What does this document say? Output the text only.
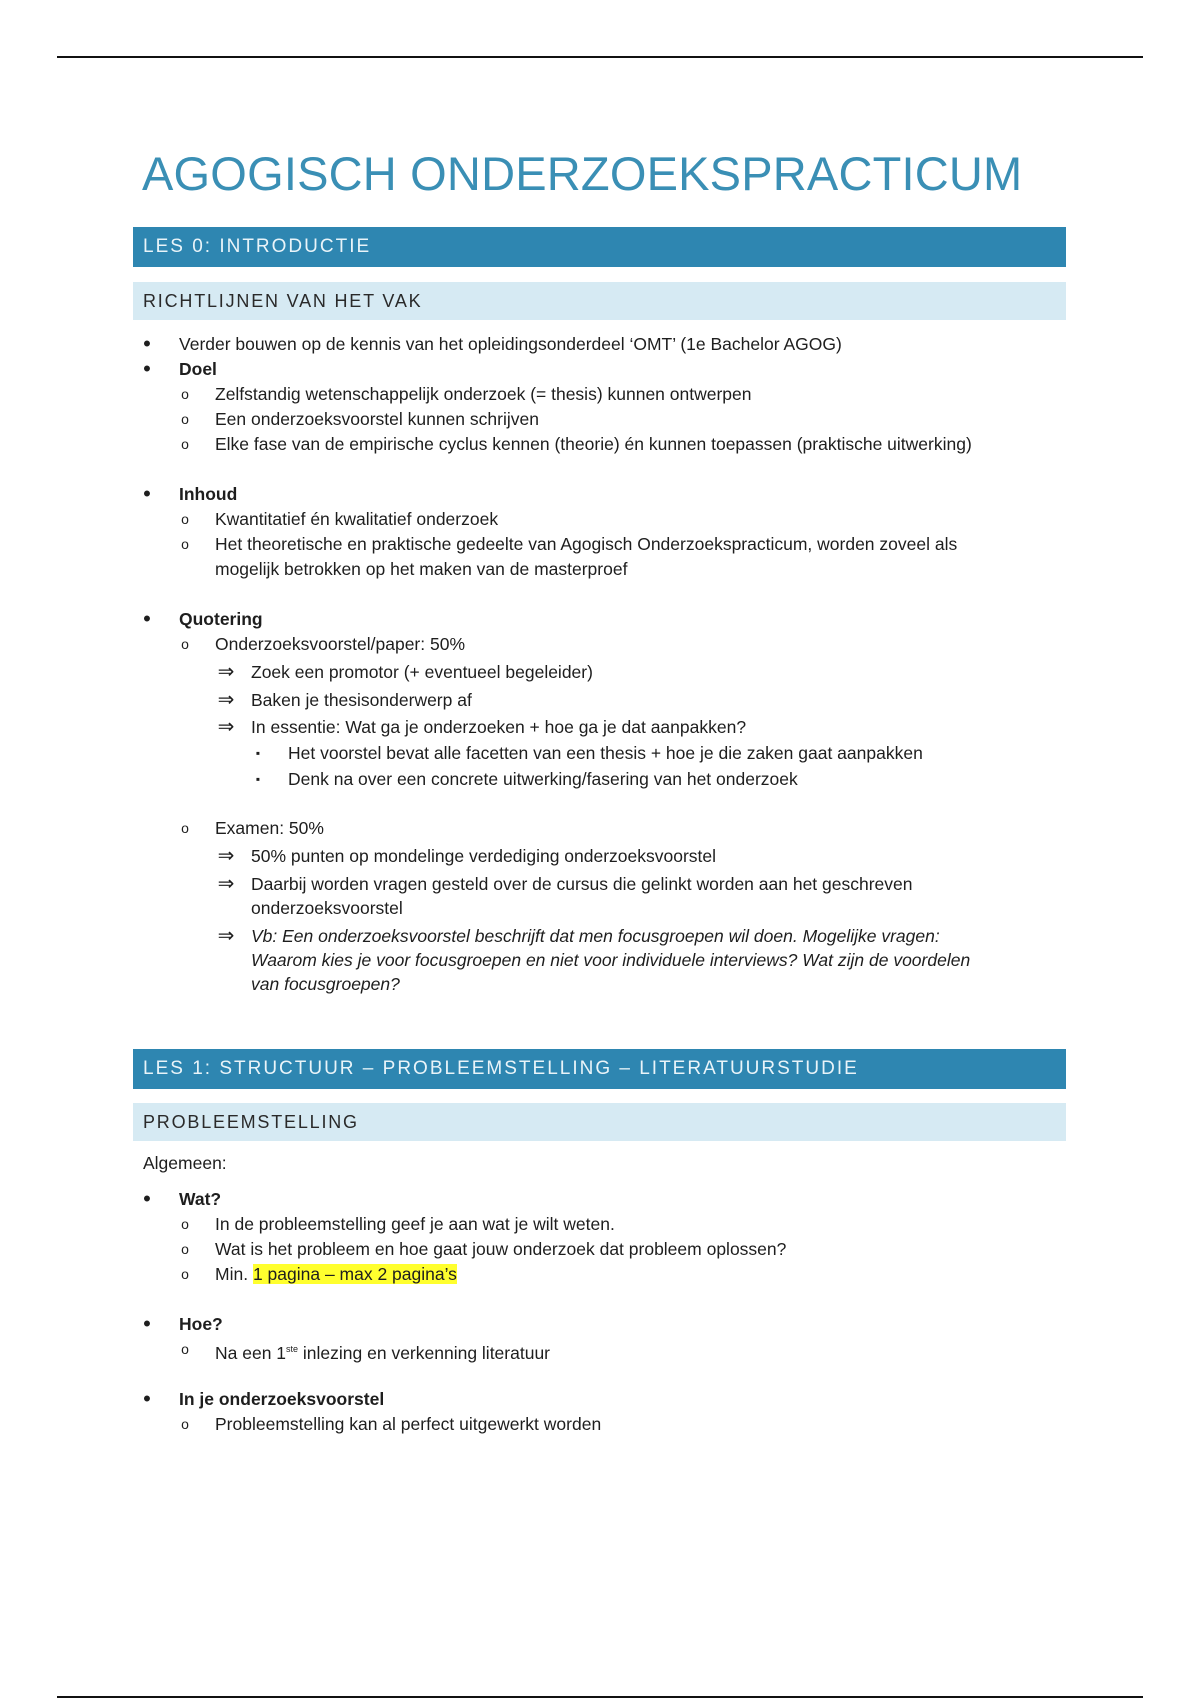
AGOGISCH ONDERZOEKSPRACTICUM
LES 0: INTRODUCTIE
RICHTLIJNEN VAN HET VAK
•	Verder bouwen op de kennis van het opleidingsonderdeel ‘OMT’ (1e Bachelor AGOG)
•	Doel
o	Zelfstandig wetenschappelijk onderzoek (= thesis) kunnen ontwerpen
o	Een onderzoeksvoorstel kunnen schrijven
o	Elke fase van de empirische cyclus kennen (theorie) én kunnen toepassen (praktische uitwerking)
•	Inhoud
o	Kwantitatief én kwalitatief onderzoek
o	Het theoretische en praktische gedeelte van Agogisch Onderzoekspracticum, worden zoveel als
mogelijk betrokken op het maken van de masterproef
•	Quotering
o	Onderzoeksvoorstel/paper: 50%
⇒ Zoek een promotor (+ eventueel begeleider)
⇒ Baken je thesisonderwerp af
⇒ In essentie: Wat ga je onderzoeken + hoe ga je dat aanpakken?
▪	Het voorstel bevat alle facetten van een thesis + hoe je die zaken gaat aanpakken
▪	Denk na over een concrete uitwerking/fasering van het onderzoek
o	Examen: 50%
⇒ 50% punten op mondelinge verdediging onderzoeksvoorstel
⇒ Daarbij worden vragen gesteld over de cursus die gelinkt worden aan het geschreven
onderzoeksvoorstel
⇒ Vb: Een onderzoeksvoorstel beschrijft dat men focusgroepen wil doen. Mogelijke vragen:
Waarom kies je voor focusgroepen en niet voor individuele interviews? Wat zijn de voordelen
van focusgroepen?
LES 1: STRUCTUUR – PROBLEEMSTELLING – LITERATUURSTUDIE
PROBLEEMSTELLING
Algemeen:
•	Wat?
o	In de probleemstelling geef je aan wat je wilt weten.
o	Wat is het probleem en hoe gaat jouw onderzoek dat probleem oplossen?
o	Min. 1 pagina – max 2 pagina’s
•	Hoe?
o	Na een 1ste inlezing en verkenning literatuur
•	In je onderzoeksvoorstel
o	Probleemstelling kan al perfect uitgewerkt worden
